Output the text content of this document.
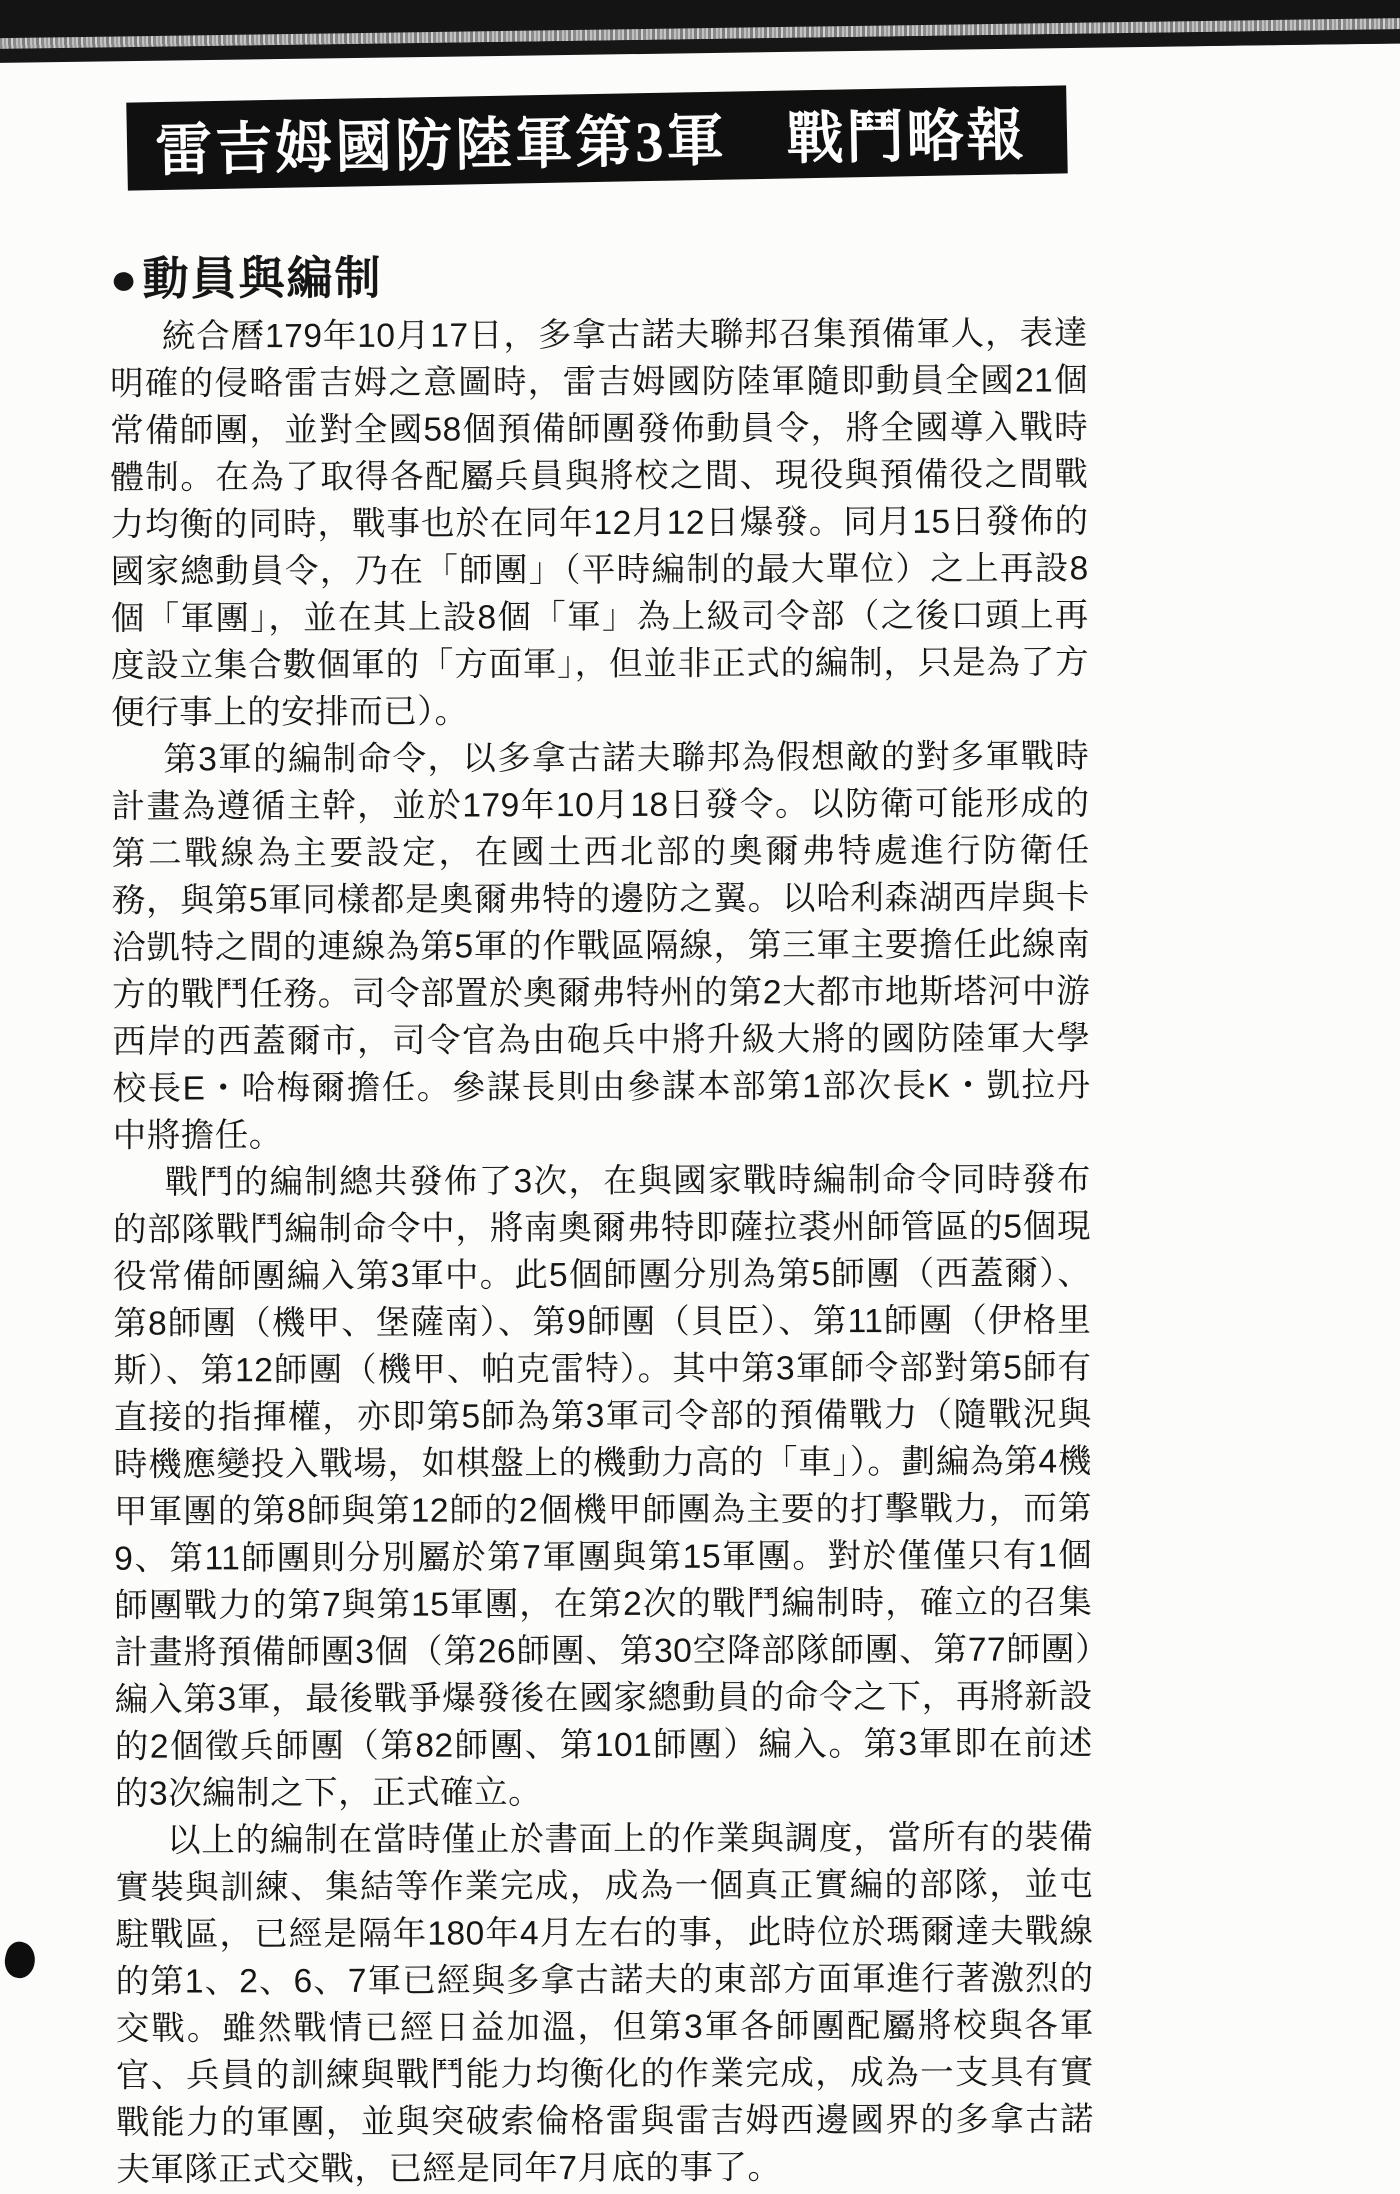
雷吉姆國防陸軍第3軍　戰鬥略報
● 動員與編制

統合曆179年10月17日，多拿古諾夫聯邦召集預備軍人，表達明確的侵略雷吉姆之意圖時，雷吉姆國防陸軍隨即動員全國21個常備師團，並對全國58個預備師團發佈動員令，將全國導入戰時體制。在為了取得各配屬兵員與將校之間、現役與預備役之間戰力均衡的同時，戰事也於在同年12月12日爆發。同月15日發佈的國家總動員令，乃在「師團」（平時編制的最大單位）之上再設8個「軍團」，並在其上設8個「軍」為上級司令部（之後口頭上再度設立集合數個軍的「方面軍」，但並非正式的編制，只是為了方便行事上的安排而已）。

第3軍的編制命令，以多拿古諾夫聯邦為假想敵的對多軍戰時計畫為遵循主幹，並於179年10月18日發令。以防衛可能形成的第二戰線為主要設定，在國土西北部的奧爾弗特處進行防衛任務，與第5軍同樣都是奧爾弗特的邊防之翼。以哈利森湖西岸與卡洽凱特之間的連線為第5軍的作戰區隔線，第三軍主要擔任此線南方的戰鬥任務。司令部置於奧爾弗特州的第2大都市地斯塔河中游西岸的西蓋爾市，司令官為由砲兵中將升級大將的國防陸軍大學校長E・哈梅爾擔任。參謀長則由參謀本部第1部次長K・凱拉丹中將擔任。

戰鬥的編制總共發佈了3次，在與國家戰時編制命令同時發布的部隊戰鬥編制命令中，將南奧爾弗特即薩拉裘州師管區的5個現役常備師團編入第3軍中。此5個師團分別為第5師團（西蓋爾）、第8師團（機甲、堡薩南）、第9師團（貝臣）、第11師團（伊格里斯）、第12師團（機甲、帕克雷特）。其中第3軍師令部對第5師有直接的指揮權，亦即第5師為第3軍司令部的預備戰力（隨戰況與時機應變投入戰場，如棋盤上的機動力高的「車」）。劃編為第4機甲軍團的第8師與第12師的2個機甲師團為主要的打擊戰力，而第9、第11師團則分別屬於第7軍團與第15軍團。對於僅僅只有1個師團戰力的第7與第15軍團，在第2次的戰鬥編制時，確立的召集計畫將預備師團3個（第26師團、第30空降部隊師團、第77師團）編入第3軍，最後戰爭爆發後在國家總動員的命令之下，再將新設的2個徵兵師團（第82師團、第101師團）編入。第3軍即在前述的3次編制之下，正式確立。

以上的編制在當時僅止於書面上的作業與調度，當所有的裝備實裝與訓練、集結等作業完成，成為一個真正實編的部隊，並屯駐戰區，已經是隔年180年4月左右的事，此時位於瑪爾達夫戰線的第1、2、6、7軍已經與多拿古諾夫的東部方面軍進行著激烈的交戰。雖然戰情已經日益加溫，但第3軍各師團配屬將校與各軍官、兵員的訓練與戰鬥能力均衡化的作業完成，成為一支具有實戰能力的軍團，並與突破索倫格雷與雷吉姆西邊國界的多拿古諾夫軍隊正式交戰，已經是同年7月底的事了。
